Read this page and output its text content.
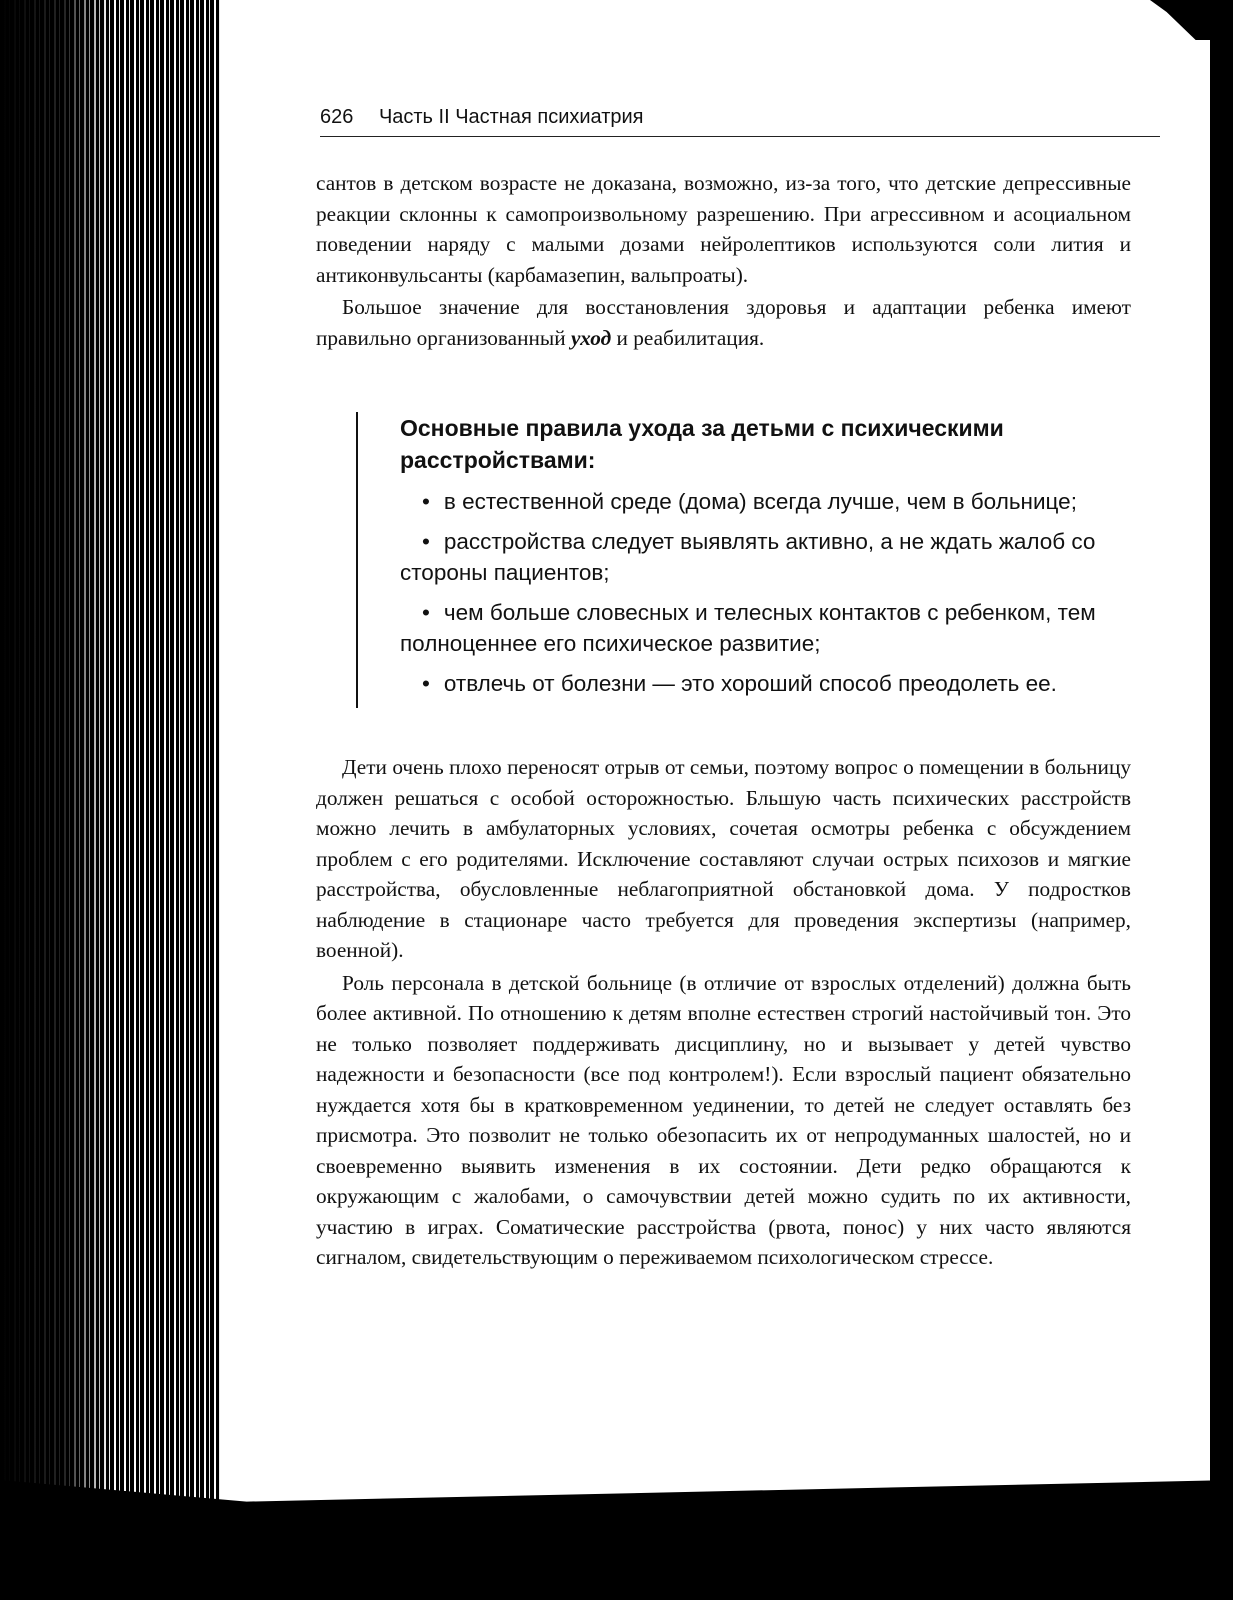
626 Часть II Частная психиатрия

сантов в детском возрасте не доказана, возможно, из-за того, что детские депрессивные реакции склонны к самопроизвольному разрешению. При агрессивном и асоциальном поведении наряду с малыми дозами нейролептиков используются соли лития и антиконвульсанты (карбамазепин, вальпроаты).

Большое значение для восстановления здоровья и адаптации ребенка имеют правильно организованный уход и реабилитация.

Основные правила ухода за детьми с психическими расстройствами:
• в естественной среде (дома) всегда лучше, чем в больнице;
• расстройства следует выявлять активно, а не ждать жалоб со стороны пациентов;
• чем больше словесных и телесных контактов с ребенком, тем полноценнее его психическое развитие;
• отвлечь от болезни — это хороший способ преодолеть ее.

Дети очень плохо переносят отрыв от семьи, поэтому вопрос о помещении в больницу должен решаться с особой осторожностью. Бльшую часть психических расстройств можно лечить в амбулаторных условиях, сочетая осмотры ребенка с обсуждением проблем с его родителями. Исключение составляют случаи острых психозов и мягкие расстройства, обусловленные неблагоприятной обстановкой дома. У подростков наблюдение в стационаре часто требуется для проведения экспертизы (например, военной).

Роль персонала в детской больнице (в отличие от взрослых отделений) должна быть более активной. По отношению к детям вполне естествен строгий настойчивый тон. Это не только позволяет поддерживать дисциплину, но и вызывает у детей чувство надежности и безопасности (все под контролем!). Если взрослый пациент обязательно нуждается хотя бы в кратковременном уединении, то детей не следует оставлять без присмотра. Это позволит не только обезопасить их от непродуманных шалостей, но и своевременно выявить изменения в их состоянии. Дети редко обращаются к окружающим с жалобами, о самочувствии детей можно судить по их активности, участию в играх. Соматические расстройства (рвота, понос) у них часто являются сигналом, свидетельствующим о переживаемом психологическом стрессе.
